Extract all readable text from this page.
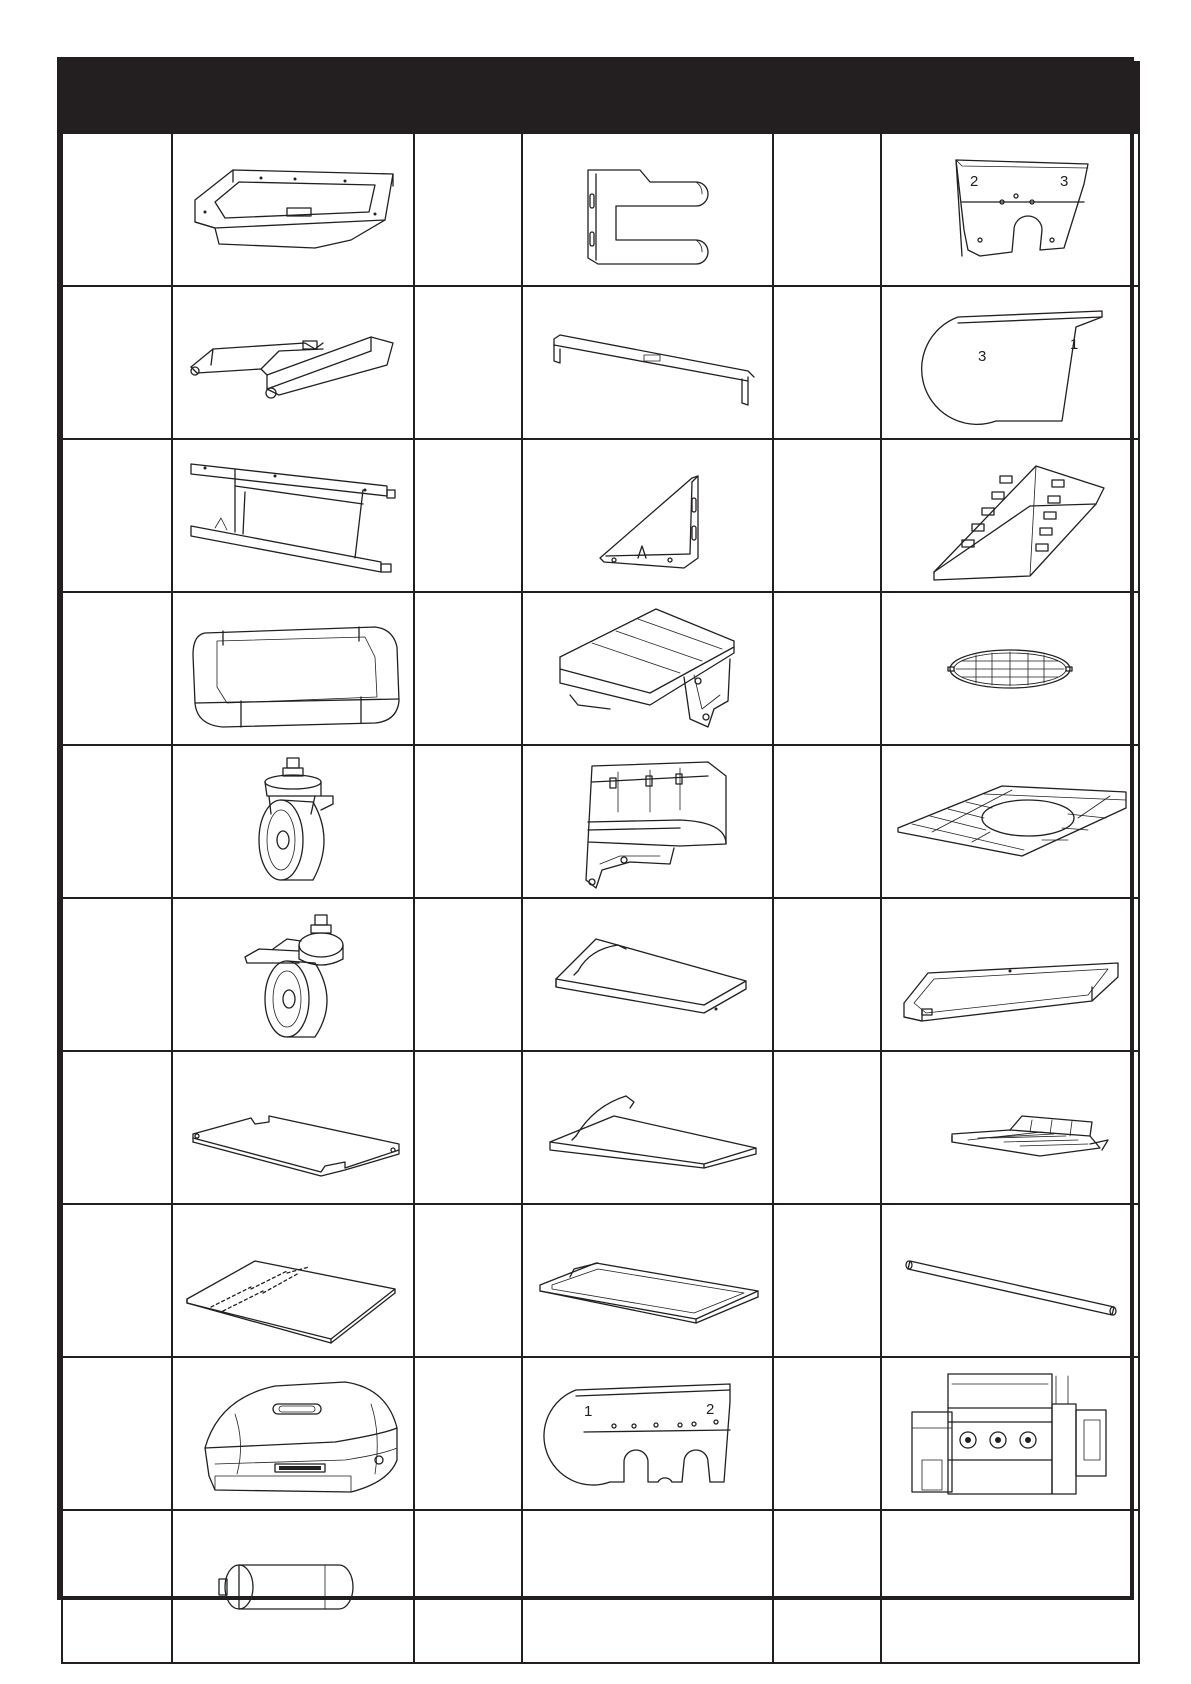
2 3

3
1

1 2
